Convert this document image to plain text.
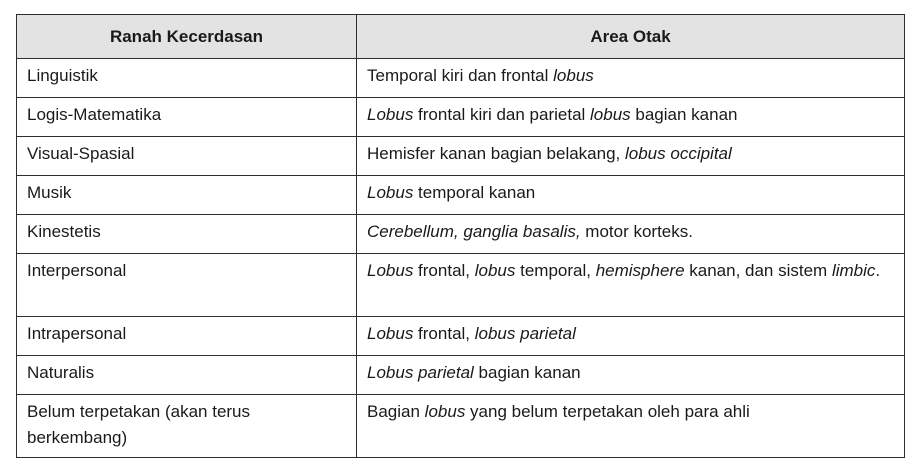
Ranah Kecerdasan	Area Otak
Linguistik	Temporal kiri dan frontal lobus
Logis-Matematika	Lobus frontal kiri dan parietal lobus bagian kanan
Visual-Spasial	Hemisfer kanan bagian belakang, lobus occipital
Musik	Lobus temporal kanan
Kinestetis	Cerebellum, ganglia basalis, motor korteks.
Interpersonal	Lobus frontal, lobus temporal, hemisphere kanan, dan sistem limbic.
Intrapersonal	Lobus frontal, lobus parietal
Naturalis	Lobus parietal bagian kanan
Belum terpetakan (akan terus berkembang)	Bagian lobus yang belum terpetakan oleh para ahli
